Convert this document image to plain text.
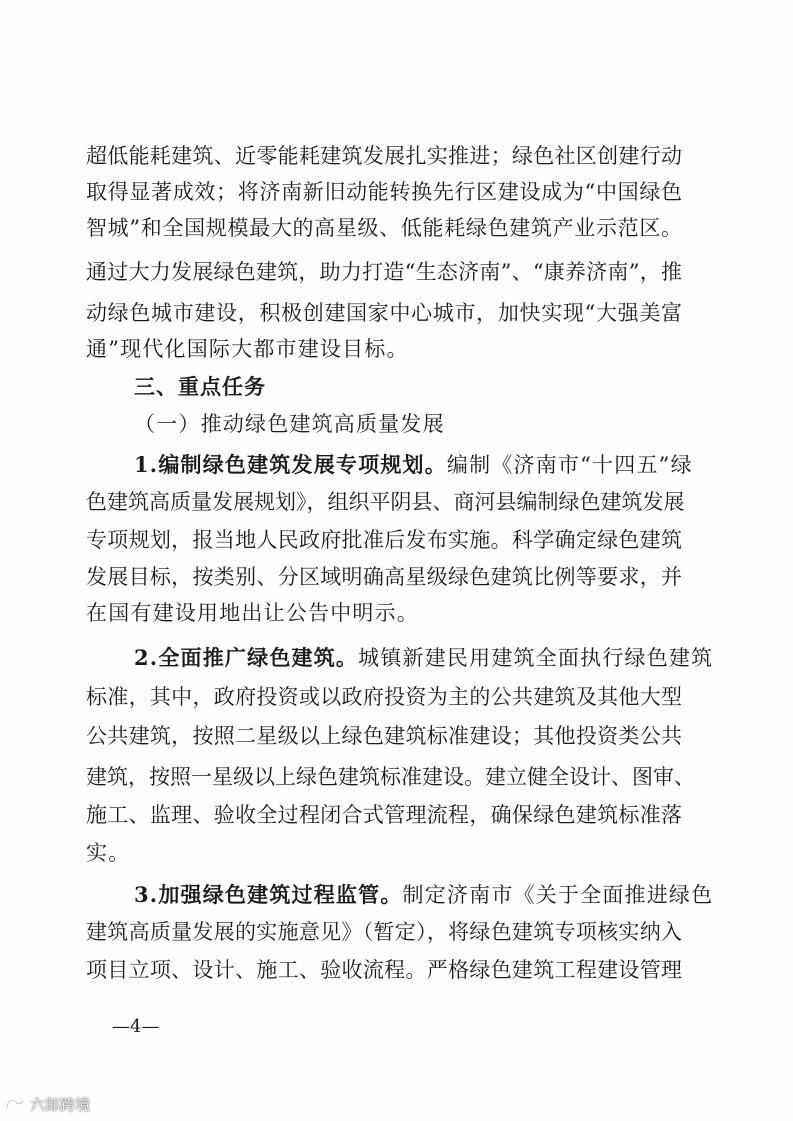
超低能耗建筑、近零能耗建筑发展扎实推进；绿色社区创建行动
取得显著成效；将济南新旧动能转换先行区建设成为“中国绿色
智城”和全国规模最大的高星级、低能耗绿色建筑产业示范区。
通过大力发展绿色建筑，助力打造“生态济南”、“康养济南”，推
动绿色城市建设，积极创建国家中心城市，加快实现“大强美富
通”现代化国际大都市建设目标。
三、重点任务
（一）推动绿色建筑高质量发展
1.编制绿色建筑发展专项规划。 编制《济南市“十四五”绿
色建筑高质量发展规划》，组织平阴县、商河县编制绿色建筑发展
专项规划，报当地人民政府批准后发布实施。科学确定绿色建筑
发展目标，按类别、分区域明确高星级绿色建筑比例等要求，并
在国有建设用地出让公告中明示。
2.全面推广绿色建筑。 城镇新建民用建筑全面执行绿色建筑
标准，其中，政府投资或以政府投资为主的公共建筑及其他大型
公共建筑，按照二星级以上绿色建筑标准建设；其他投资类公共
建筑，按照一星级以上绿色建筑标准建设。建立健全设计、图审、
施工、监理、验收全过程闭合式管理流程，确保绿色建筑标准落
实。
3.加强绿色建筑过程监管。 制定济南市《关于全面推进绿色
建筑高质量发展的实施意见》（暂定），将绿色建筑专项核实纳入
项目立项、设计、施工、验收流程。严格绿色建筑工程建设管理
—4—
六郎跨境
